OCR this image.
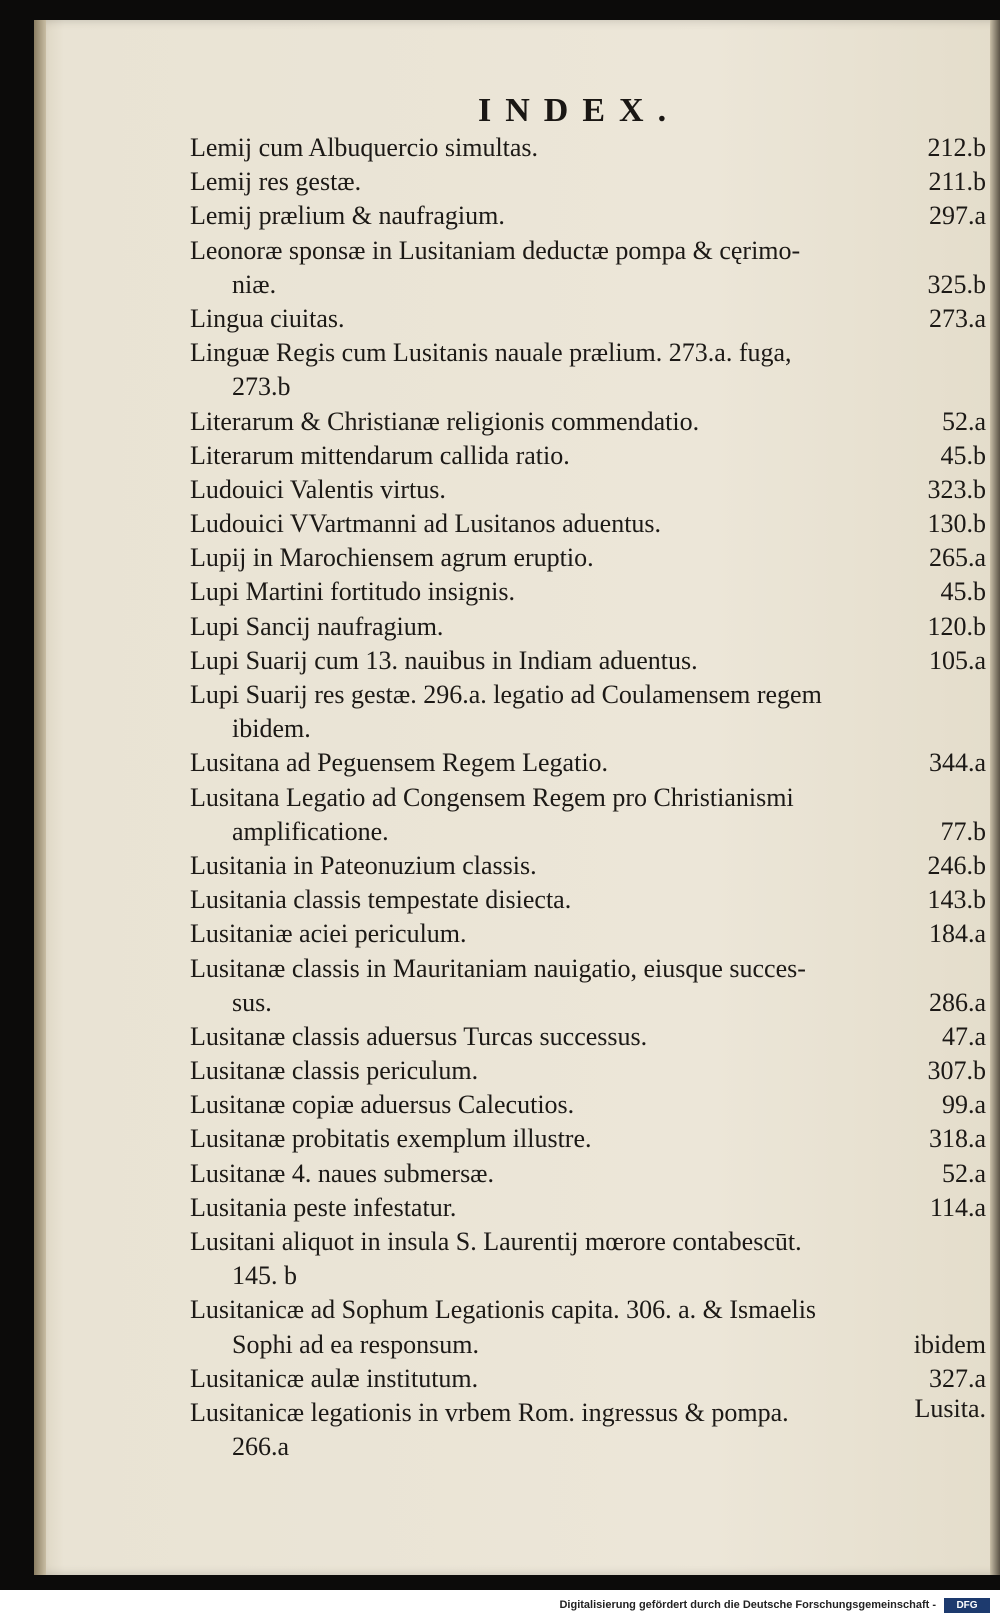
INDEX.
Lemij cum Albuquercio simultas.	212.b
Lemij res gestæ.	211.b
Lemij prælium & naufragium.	297.a
Leonoræ sponsæ in Lusitaniam deductæ pompa & cęrimo-
niæ.	325.b
Lingua ciuitas.	273.a
Linguæ Regis cum Lusitanis nauale prælium. 273.a. fuga,
273.b
Literarum & Christianæ religionis commendatio.	52.a
Literarum mittendarum callida ratio.	45.b
Ludouici Valentis virtus.	323.b
Ludouici VVartmanni ad Lusitanos aduentus.	130.b
Lupij in Marochiensem agrum eruptio.	265.a
Lupi Martini fortitudo insignis.	45.b
Lupi Sancij naufragium.	120.b
Lupi Suarij cum 13. nauibus in Indiam aduentus.	105.a
Lupi Suarij res gestæ. 296.a. legatio ad Coulamensem regem
ibidem.
Lusitana ad Peguensem Regem Legatio.	344.a
Lusitana Legatio ad Congensem Regem pro Christianismi
amplificatione.	77.b
Lusitania in Pateonuzium classis.	246.b
Lusitania classis tempestate disiecta.	143.b
Lusitaniæ aciei periculum.	184.a
Lusitanæ classis in Mauritaniam nauigatio, eiusque succes-
sus.	286.a
Lusitanæ classis aduersus Turcas successus.	47.a
Lusitanæ classis periculum.	307.b
Lusitanæ copiæ aduersus Calecutios.	99.a
Lusitanæ probitatis exemplum illustre.	318.a
Lusitanæ 4. naues submersæ.	52.a
Lusitania peste infestatur.	114.a
Lusitani aliquot in insula S. Laurentij mœrore contabescūt.
145. b
Lusitanicæ ad Sophum Legationis capita. 306. a. & Ismaelis
Sophi ad ea responsum.	ibidem
Lusitanicæ aulæ institutum.	327.a
Lusitanicæ legationis in vrbem Rom. ingressus & pompa.
266.a
Lusita.
Digitalisierung gefördert durch die Deutsche Forschungsgemeinschaft -	DFG
